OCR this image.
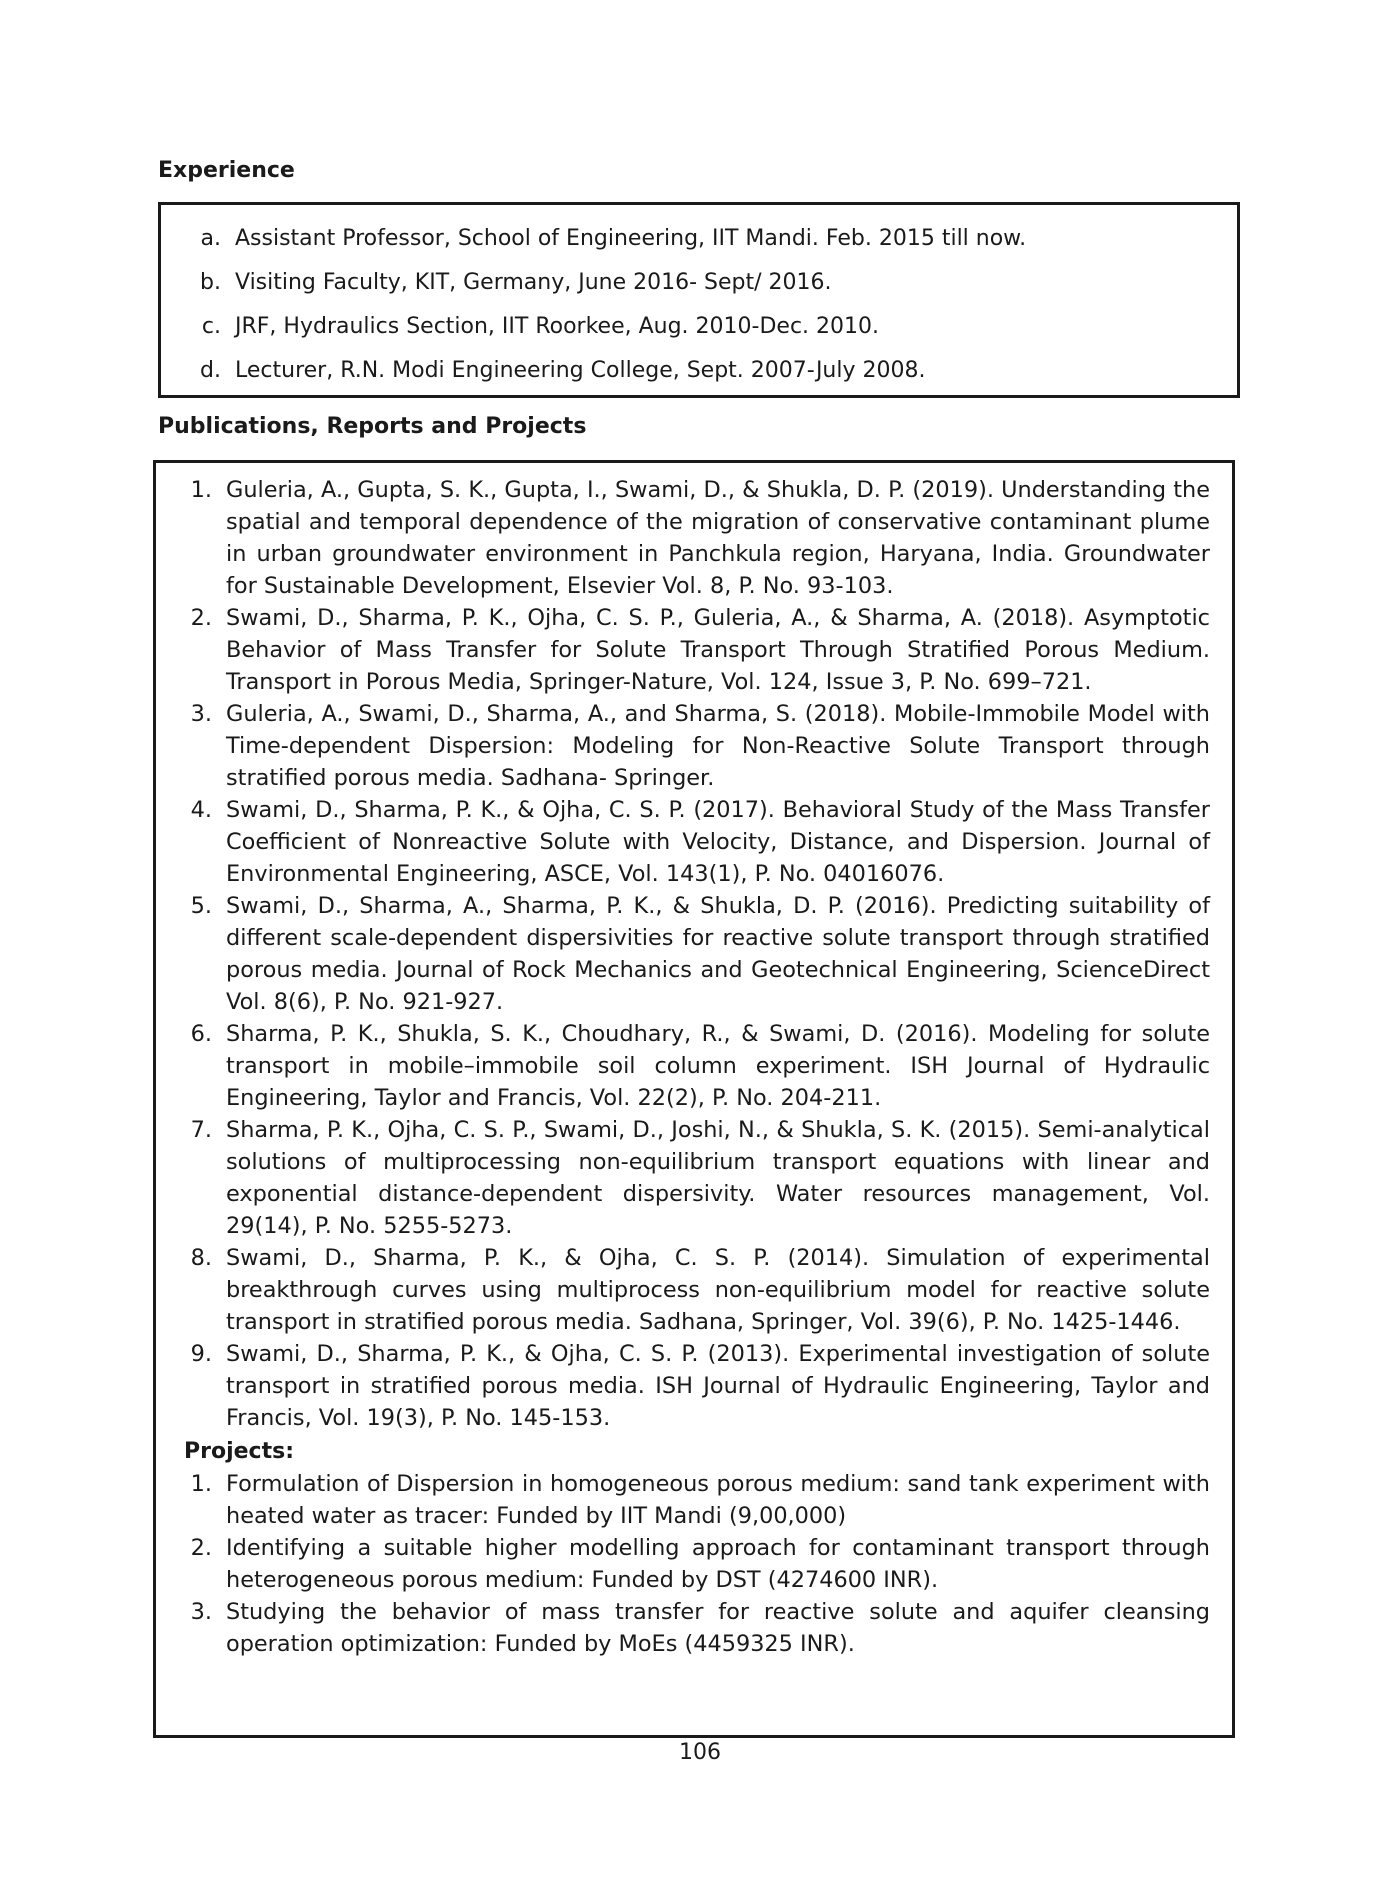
Experience
a. Assistant Professor, School of Engineering, IIT Mandi. Feb. 2015 till now.
b. Visiting Faculty, KIT, Germany, June 2016- Sept/ 2016.
c. JRF, Hydraulics Section, IIT Roorkee, Aug. 2010-Dec. 2010.
d. Lecturer, R.N. Modi Engineering College, Sept. 2007-July 2008.
Publications, Reports and Projects
1. Guleria, A., Gupta, S. K., Gupta, I., Swami, D., & Shukla, D. P. (2019). Understanding the spatial and temporal dependence of the migration of conservative contaminant plume in urban groundwater environment in Panchkula region, Haryana, India. Groundwater for Sustainable Development, Elsevier Vol. 8, P. No. 93-103.
2. Swami, D., Sharma, P. K., Ojha, C. S. P., Guleria, A., & Sharma, A. (2018). Asymptotic Behavior of Mass Transfer for Solute Transport Through Stratified Porous Medium. Transport in Porous Media, Springer-Nature, Vol. 124, Issue 3, P. No. 699–721.
3. Guleria, A., Swami, D., Sharma, A., and Sharma, S. (2018). Mobile-Immobile Model with Time-dependent Dispersion: Modeling for Non-Reactive Solute Transport through stratified porous media. Sadhana- Springer.
4. Swami, D., Sharma, P. K., & Ojha, C. S. P. (2017). Behavioral Study of the Mass Transfer Coefficient of Nonreactive Solute with Velocity, Distance, and Dispersion. Journal of Environmental Engineering, ASCE, Vol. 143(1), P. No. 04016076.
5. Swami, D., Sharma, A., Sharma, P. K., & Shukla, D. P. (2016). Predicting suitability of different scale-dependent dispersivities for reactive solute transport through stratified porous media. Journal of Rock Mechanics and Geotechnical Engineering, ScienceDirect Vol. 8(6), P. No. 921-927.
6. Sharma, P. K., Shukla, S. K., Choudhary, R., & Swami, D. (2016). Modeling for solute transport in mobile–immobile soil column experiment. ISH Journal of Hydraulic Engineering, Taylor and Francis, Vol. 22(2), P. No. 204-211.
7. Sharma, P. K., Ojha, C. S. P., Swami, D., Joshi, N., & Shukla, S. K. (2015). Semi-analytical solutions of multiprocessing non-equilibrium transport equations with linear and exponential distance-dependent dispersivity. Water resources management, Vol. 29(14), P. No. 5255-5273.
8. Swami, D., Sharma, P. K., & Ojha, C. S. P. (2014). Simulation of experimental breakthrough curves using multiprocess non-equilibrium model for reactive solute transport in stratified porous media. Sadhana, Springer, Vol. 39(6), P. No. 1425-1446.
9. Swami, D., Sharma, P. K., & Ojha, C. S. P. (2013). Experimental investigation of solute transport in stratified porous media. ISH Journal of Hydraulic Engineering, Taylor and Francis, Vol. 19(3), P. No. 145-153.
Projects:
1. Formulation of Dispersion in homogeneous porous medium: sand tank experiment with heated water as tracer: Funded by IIT Mandi (9,00,000)
2. Identifying a suitable higher modelling approach for contaminant transport through heterogeneous porous medium: Funded by DST (4274600 INR).
3. Studying the behavior of mass transfer for reactive solute and aquifer cleansing operation optimization: Funded by MoEs (4459325 INR).
106
